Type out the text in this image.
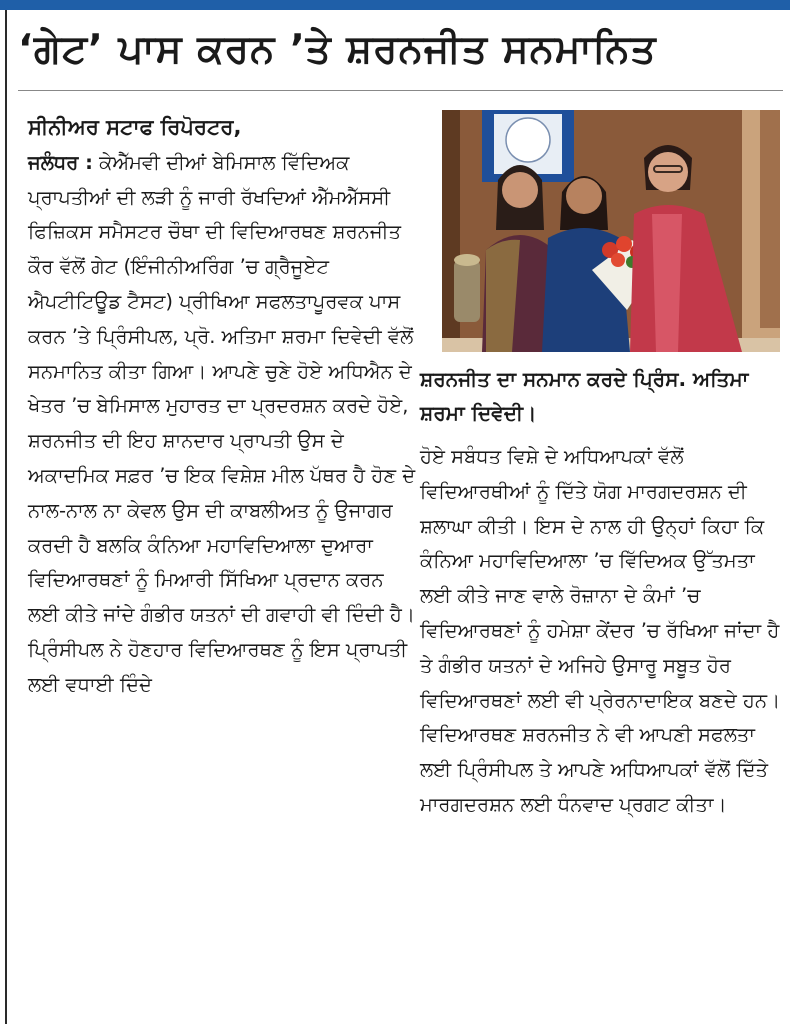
‘ਗੇਟ’ ਪਾਸ ਕਰਨ ’ਤੇ ਸ਼ਰਨਜੀਤ ਸਨਮਾਨਿਤ

ਸੀਨੀਅਰ ਸਟਾਫ ਰਿਪੋਰਟਰ,
ਜਲੰਧਰ : ਕੇਐੱਮਵੀ ਦੀਆਂ ਬੇਮਿਸਾਲ ਵਿੱਦਿਅਕ ਪ੍ਰਾਪਤੀਆਂ ਦੀ ਲੜੀ ਨੂੰ ਜਾਰੀ ਰੱਖਦਿਆਂ ਐੱਮਐੱਸਸੀ ਫਿਜ਼ਿਕਸ ਸਮੈਸਟਰ ਚੌਥਾ ਦੀ ਵਿਦਿਆਰਥਣ ਸ਼ਰਨਜੀਤ ਕੌਰ ਵੱਲੋਂ ਗੇਟ (ਇੰਜੀਨੀਅਰਿੰਗ ’ਚ ਗ੍ਰੈਜੂਏਟ ਐਪਟੀਟਿਊਡ ਟੈਸਟ) ਪ੍ਰੀਖਿਆ ਸਫਲਤਾਪੂਰਵਕ ਪਾਸ ਕਰਨ ’ਤੇ ਪ੍ਰਿੰਸੀਪਲ, ਪ੍ਰੋ. ਅਤਿਮਾ ਸ਼ਰਮਾ ਦਿਵੇਦੀ ਵੱਲੋਂ ਸਨਮਾਨਿਤ ਕੀਤਾ ਗਿਆ। ਆਪਣੇ ਚੁਣੇ ਹੋਏ ਅਧਿਐਨ ਦੇ ਖੇਤਰ ’ਚ ਬੇਮਿਸਾਲ ਮੁਹਾਰਤ ਦਾ ਪ੍ਰਦਰਸ਼ਨ ਕਰਦੇ ਹੋਏ, ਸ਼ਰਨਜੀਤ ਦੀ ਇਹ ਸ਼ਾਨਦਾਰ ਪ੍ਰਾਪਤੀ ਉਸ ਦੇ ਅਕਾਦਮਿਕ ਸਫ਼ਰ ’ਚ ਇਕ ਵਿਸ਼ੇਸ਼ ਮੀਲ ਪੱਥਰ ਹੈ ਹੋਣ ਦੇ ਨਾਲ-ਨਾਲ ਨਾ ਕੇਵਲ ਉਸ ਦੀ ਕਾਬਲੀਅਤ ਨੂੰ ਉਜਾਗਰ ਕਰਦੀ ਹੈ ਬਲਕਿ ਕੰਨਿਆ ਮਹਾਵਿਦਿਆਲਾ ਦੁਆਰਾ ਵਿਦਿਆਰਥਣਾਂ ਨੂੰ ਮਿਆਰੀ ਸਿੱਖਿਆ ਪ੍ਰਦਾਨ ਕਰਨ ਲਈ ਕੀਤੇ ਜਾਂਦੇ ਗੰਭੀਰ ਯਤਨਾਂ ਦੀ ਗਵਾਹੀ ਵੀ ਦਿੰਦੀ ਹੈ। ਪ੍ਰਿੰਸੀਪਲ ਨੇ ਹੋਣਹਾਰ ਵਿਦਿਆਰਥਣ ਨੂੰ ਇਸ ਪ੍ਰਾਪਤੀ ਲਈ ਵਧਾਈ ਦਿੰਦੇ

ਸ਼ਰਨਜੀਤ ਦਾ ਸਨਮਾਨ ਕਰਦੇ ਪ੍ਰਿੰਸ. ਅਤਿਮਾ ਸ਼ਰਮਾ ਦਿਵੇਦੀ।

ਹੋਏ ਸਬੰਧਤ ਵਿਸ਼ੇ ਦੇ ਅਧਿਆਪਕਾਂ ਵੱਲੋਂ ਵਿਦਿਆਰਥੀਆਂ ਨੂੰ ਦਿੱਤੇ ਯੋਗ ਮਾਰਗਦਰਸ਼ਨ ਦੀ ਸ਼ਲਾਘਾ ਕੀਤੀ। ਇਸ ਦੇ ਨਾਲ ਹੀ ਉਨ੍ਹਾਂ ਕਿਹਾ ਕਿ ਕੰਨਿਆ ਮਹਾਵਿਦਿਆਲਾ ’ਚ ਵਿੱਦਿਅਕ ਉੱਤਮਤਾ ਲਈ ਕੀਤੇ ਜਾਣ ਵਾਲੇ ਰੋਜ਼ਾਨਾ ਦੇ ਕੰਮਾਂ ’ਚ ਵਿਦਿਆਰਥਣਾਂ ਨੂੰ ਹਮੇਸ਼ਾ ਕੇਂਦਰ ’ਚ ਰੱਖਿਆ ਜਾਂਦਾ ਹੈ ਤੇ ਗੰਭੀਰ ਯਤਨਾਂ ਦੇ ਅਜਿਹੇ ਉਸਾਰੂ ਸਬੂਤ ਹੋਰ ਵਿਦਿਆਰਥਣਾਂ ਲਈ ਵੀ ਪ੍ਰੇਰਨਾਦਾਇਕ ਬਣਦੇ ਹਨ। ਵਿਦਿਆਰਥਣ ਸ਼ਰਨਜੀਤ ਨੇ ਵੀ ਆਪਣੀ ਸਫਲਤਾ ਲਈ ਪ੍ਰਿੰਸੀਪਲ ਤੇ ਆਪਣੇ ਅਧਿਆਪਕਾਂ ਵੱਲੋਂ ਦਿੱਤੇ ਮਾਰਗਦਰਸ਼ਨ ਲਈ ਧੰਨਵਾਦ ਪ੍ਰਗਟ ਕੀਤਾ।
